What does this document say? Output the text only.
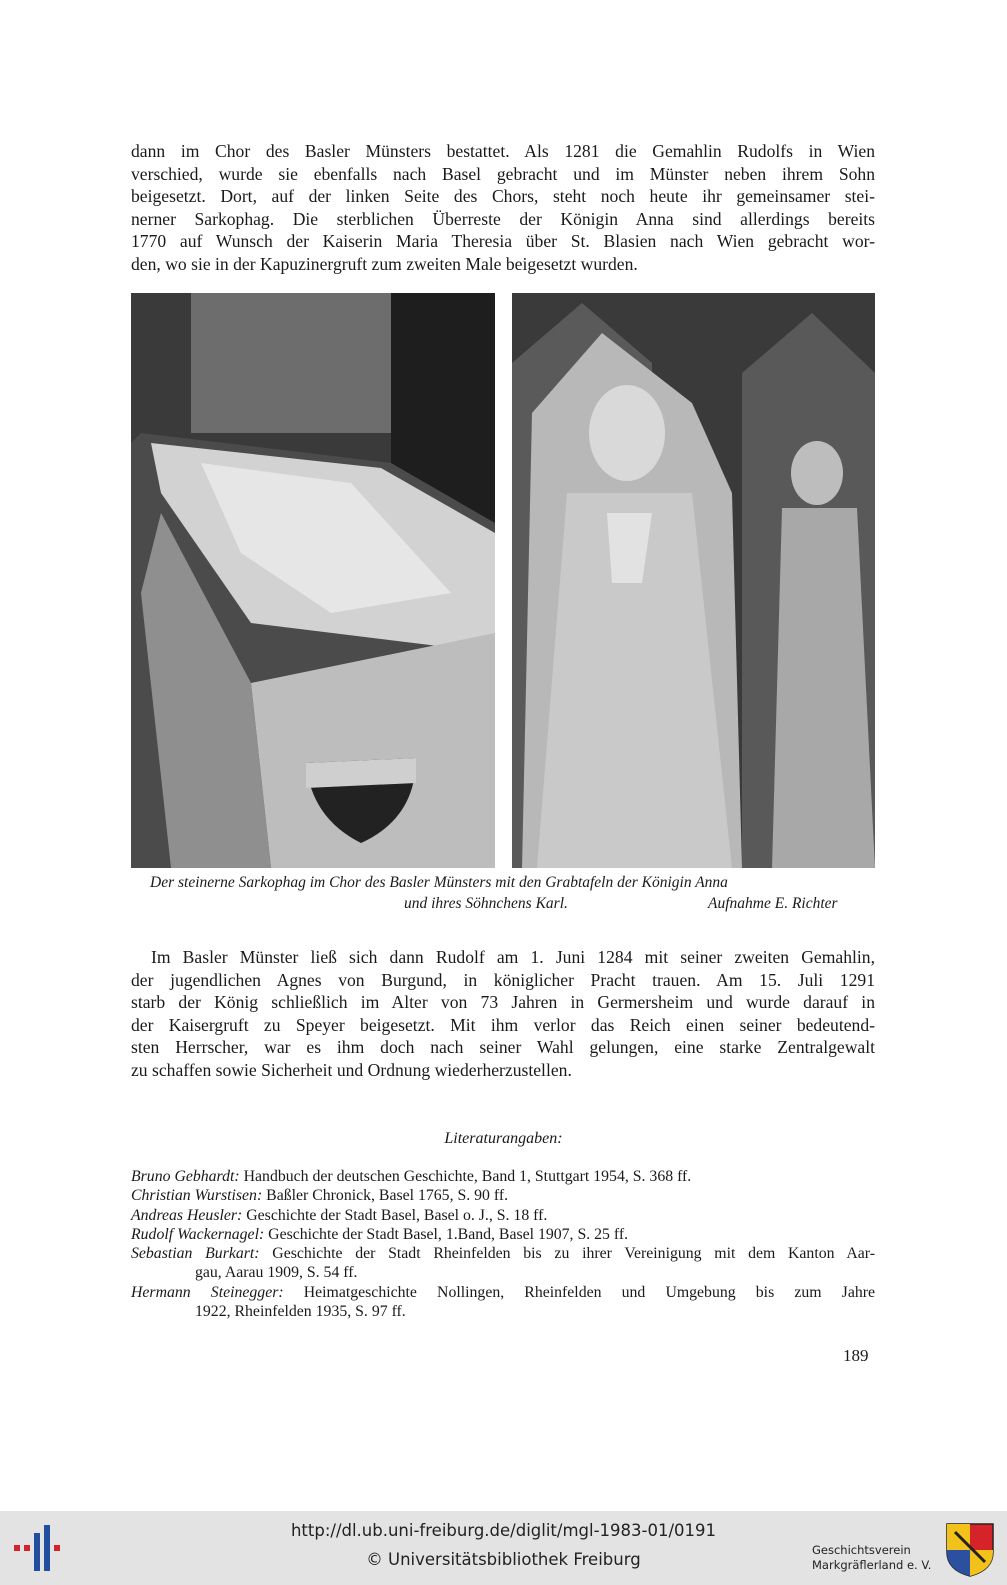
dann im Chor des Basler Münsters bestattet. Als 1281 die Gemahlin Rudolfs in Wien
verschied, wurde sie ebenfalls nach Basel gebracht und im Münster neben ihrem Sohn
beigesetzt. Dort, auf der linken Seite des Chors, steht noch heute ihr gemeinsamer stei-
nerner Sarkophag. Die sterblichen Überreste der Königin Anna sind allerdings bereits
1770 auf Wunsch der Kaiserin Maria Theresia über St. Blasien nach Wien gebracht wor-
den, wo sie in der Kapuzinergruft zum zweiten Male beigesetzt wurden.
Der steinerne Sarkophag im Chor des Basler Münsters mit den Grabtafeln der Königin Anna
und ihres Söhnchens Karl.	Aufnahme E. Richter
Im Basler Münster ließ sich dann Rudolf am 1. Juni 1284 mit seiner zweiten Gemahlin,
der jugendlichen Agnes von Burgund, in königlicher Pracht trauen. Am 15. Juli 1291
starb der König schließlich im Alter von 73 Jahren in Germersheim und wurde darauf in
der Kaisergruft zu Speyer beigesetzt. Mit ihm verlor das Reich einen seiner bedeutend-
sten Herrscher, war es ihm doch nach seiner Wahl gelungen, eine starke Zentralgewalt
zu schaffen sowie Sicherheit und Ordnung wiederherzustellen.
Literaturangaben:

Bruno Gebhardt: Handbuch der deutschen Geschichte, Band 1, Stuttgart 1954, S. 368 ff.

Christian Wurstisen: Baßler Chronick, Basel 1765, S. 90 ff.

Andreas Heusler: Geschichte der Stadt Basel, Basel o. J., S. 18 ff.

Rudolf Wackernagel: Geschichte der Stadt Basel, 1.Band, Basel 1907, S. 25 ff.

Sebastian Burkart: Geschichte der Stadt Rheinfelden bis zu ihrer Vereinigung mit dem Kanton Aar-
gau, Aarau 1909, S. 54 ff.

Hermann Steinegger: Heimatgeschichte Nollingen, Rheinfelden und Umgebung bis zum Jahre
1922, Rheinfelden 1935, S. 97 ff.

189
http://dl.ub.uni-freiburg.de/diglit/mgl-1983-01/0191
© Universitätsbibliothek Freiburg	Geschichtsverein
Markgräflerland e. V.
